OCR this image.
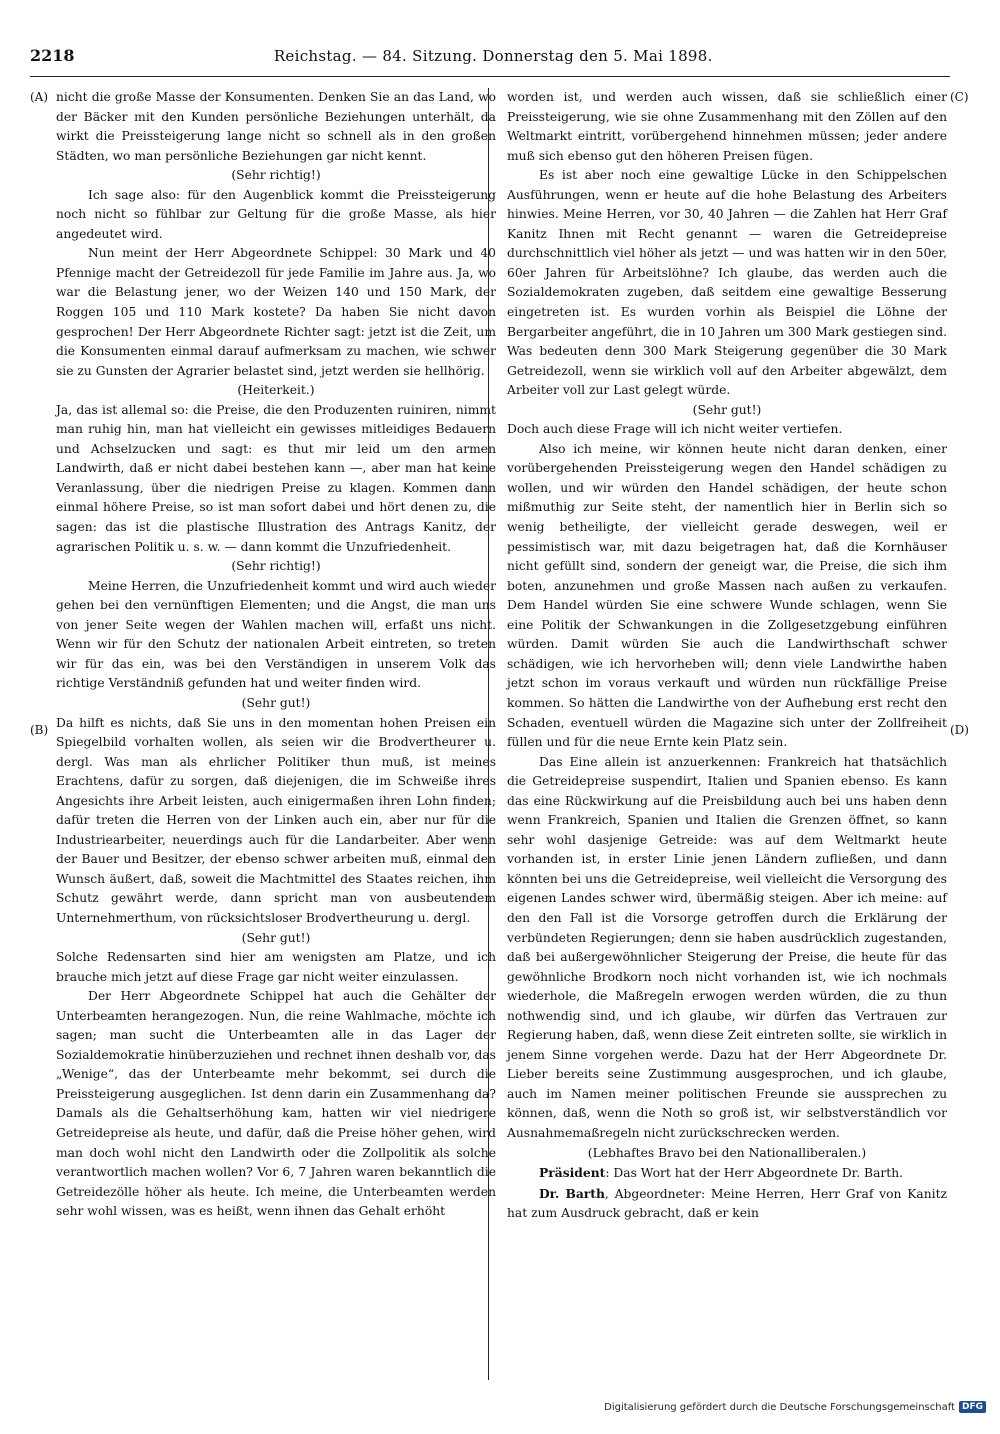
2218	Reichstag. — 84. Sitzung. Donnerstag den 5. Mai 1898.
(A)
(B)
(C)
(D)

nicht die große Masse der Konsumenten. Denken Sie an das Land, wo der Bäcker mit den Kunden persönliche Beziehungen unterhält, da wirkt die Preissteigerung lange nicht so schnell als in den großen Städten, wo man persönliche Beziehungen gar nicht kennt.

(Sehr richtig!)

Ich sage also: für den Augenblick kommt die Preissteigerung noch nicht so fühlbar zur Geltung für die große Masse, als hier angedeutet wird.

Nun meint der Herr Abgeordnete Schippel: 30 Mark und 40 Pfennige macht der Getreidezoll für jede Familie im Jahre aus. Ja, wo war die Belastung jener, wo der Weizen 140 und 150 Mark, der Roggen 105 und 110 Mark kostete? Da haben Sie nicht davon gesprochen! Der Herr Abgeordnete Richter sagt: jetzt ist die Zeit, um die Konsumenten einmal darauf aufmerksam zu machen, wie schwer sie zu Gunsten der Agrarier belastet sind, jetzt werden sie hellhörig.

(Heiterkeit.)

Ja, das ist allemal so: die Preise, die den Produzenten ruiniren, nimmt man ruhig hin, man hat vielleicht ein gewisses mitleidiges Bedauern und Achselzucken und sagt: es thut mir leid um den armen Landwirth, daß er nicht dabei bestehen kann —, aber man hat keine Veranlassung, über die niedrigen Preise zu klagen. Kommen dann einmal höhere Preise, so ist man sofort dabei und hört denen zu, die sagen: das ist die plastische Illustration des Antrags Kanitz, der agrarischen Politik u. s. w. — dann kommt die Unzufriedenheit.

(Sehr richtig!)

Meine Herren, die Unzufriedenheit kommt und wird auch wieder gehen bei den vernünftigen Elementen; und die Angst, die man uns von jener Seite wegen der Wahlen machen will, erfaßt uns nicht. Wenn wir für den Schutz der nationalen Arbeit eintreten, so treten wir für das ein, was bei den Verständigen in unserem Volk das richtige Verständniß gefunden hat und weiter finden wird.

(Sehr gut!)

Da hilft es nichts, daß Sie uns in den momentan hohen Preisen ein Spiegelbild vorhalten wollen, als seien wir die Brodvertheurer u. dergl. Was man als ehrlicher Politiker thun muß, ist meines Erachtens, dafür zu sorgen, daß diejenigen, die im Schweiße ihres Angesichts ihre Arbeit leisten, auch einigermaßen ihren Lohn finden; dafür treten die Herren von der Linken auch ein, aber nur für die Industriearbeiter, neuerdings auch für die Landarbeiter. Aber wenn der Bauer und Besitzer, der ebenso schwer arbeiten muß, einmal den Wunsch äußert, daß, soweit die Machtmittel des Staates reichen, ihm Schutz gewährt werde, dann spricht man von ausbeutendem Unternehmerthum, von rücksichtsloser Brodvertheurung u. dergl.

(Sehr gut!)

Solche Redensarten sind hier am wenigsten am Platze, und ich brauche mich jetzt auf diese Frage gar nicht weiter einzulassen.

Der Herr Abgeordnete Schippel hat auch die Gehälter der Unterbeamten herangezogen. Nun, die reine Wahlmache, möchte ich sagen; man sucht die Unterbeamten alle in das Lager der Sozialdemokratie hinüberzuziehen und rechnet ihnen deshalb vor, das „Wenige“, das der Unterbeamte mehr bekommt, sei durch die Preissteigerung ausgeglichen. Ist denn darin ein Zusammenhang da? Damals als die Gehaltserhöhung kam, hatten wir viel niedrigere Getreidepreise als heute, und dafür, daß die Preise höher gehen, wird man doch wohl nicht den Landwirth oder die Zollpolitik als solche verantwortlich machen wollen? Vor 6, 7 Jahren waren bekanntlich die Getreidezölle höher als heute. Ich meine, die Unterbeamten werden sehr wohl wissen, was es heißt, wenn ihnen das Gehalt erhöht

worden ist, und werden auch wissen, daß sie schließlich einer Preissteigerung, wie sie ohne Zusammenhang mit den Zöllen auf den Weltmarkt eintritt, vorübergehend hinnehmen müssen; jeder andere muß sich ebenso gut den höheren Preisen fügen.

Es ist aber noch eine gewaltige Lücke in den Schippelschen Ausführungen, wenn er heute auf die hohe Belastung des Arbeiters hinwies. Meine Herren, vor 30, 40 Jahren — die Zahlen hat Herr Graf Kanitz Ihnen mit Recht genannt — waren die Getreidepreise durchschnittlich viel höher als jetzt — und was hatten wir in den 50er, 60er Jahren für Arbeitslöhne? Ich glaube, das werden auch die Sozialdemokraten zugeben, daß seitdem eine gewaltige Besserung eingetreten ist. Es wurden vorhin als Beispiel die Löhne der Bergarbeiter angeführt, die in 10 Jahren um 300 Mark gestiegen sind. Was bedeuten denn 300 Mark Steigerung gegenüber die 30 Mark Getreidezoll, wenn sie wirklich voll auf den Arbeiter abgewälzt, dem Arbeiter voll zur Last gelegt würde.

(Sehr gut!)

Doch auch diese Frage will ich nicht weiter vertiefen.

Also ich meine, wir können heute nicht daran denken, einer vorübergehenden Preissteigerung wegen den Handel schädigen zu wollen, und wir würden den Handel schädigen, der heute schon mißmuthig zur Seite steht, der namentlich hier in Berlin sich so wenig betheiligte, der vielleicht gerade deswegen, weil er pessimistisch war, mit dazu beigetragen hat, daß die Kornhäuser nicht gefüllt sind, sondern der geneigt war, die Preise, die sich ihm boten, anzunehmen und große Massen nach außen zu verkaufen. Dem Handel würden Sie eine schwere Wunde schlagen, wenn Sie eine Politik der Schwankungen in die Zollgesetzgebung einführen würden. Damit würden Sie auch die Landwirthschaft schwer schädigen, wie ich hervorheben will; denn viele Landwirthe haben jetzt schon im voraus verkauft und würden nun rückfällige Preise kommen. So hätten die Landwirthe von der Aufhebung erst recht den Schaden, eventuell würden die Magazine sich unter der Zollfreiheit füllen und für die neue Ernte kein Platz sein.

Das Eine allein ist anzuerkennen: Frankreich hat thatsächlich die Getreidepreise suspendirt, Italien und Spanien ebenso. Es kann das eine Rückwirkung auf die Preisbildung auch bei uns haben denn wenn Frankreich, Spanien und Italien die Grenzen öffnet, so kann sehr wohl dasjenige Getreide: was auf dem Weltmarkt heute vorhanden ist, in erster Linie jenen Ländern zufließen, und dann könnten bei uns die Getreidepreise, weil vielleicht die Versorgung des eigenen Landes schwer wird, übermäßig steigen. Aber ich meine: auf den den Fall ist die Vorsorge getroffen durch die Erklärung der verbündeten Regierungen; denn sie haben ausdrücklich zugestanden, daß bei außergewöhnlicher Steigerung der Preise, die heute für das gewöhnliche Brodkorn noch nicht vorhanden ist, wie ich nochmals wiederhole, die Maßregeln erwogen werden würden, die zu thun nothwendig sind, und ich glaube, wir dürfen das Vertrauen zur Regierung haben, daß, wenn diese Zeit eintreten sollte, sie wirklich in jenem Sinne vorgehen werde. Dazu hat der Herr Abgeordnete Dr. Lieber bereits seine Zustimmung ausgesprochen, und ich glaube, auch im Namen meiner politischen Freunde sie aussprechen zu können, daß, wenn die Noth so groß ist, wir selbstverständlich vor Ausnahmemaßregeln nicht zurückschrecken werden.

(Lebhaftes Bravo bei den Nationalliberalen.)

Präsident: Das Wort hat der Herr Abgeordnete Dr. Barth.

Dr. Barth, Abgeordneter: Meine Herren, Herr Graf von Kanitz hat zum Ausdruck gebracht, daß er kein

Digitalisierung gefördert durch die Deutsche Forschungsgemeinschaft DFG
